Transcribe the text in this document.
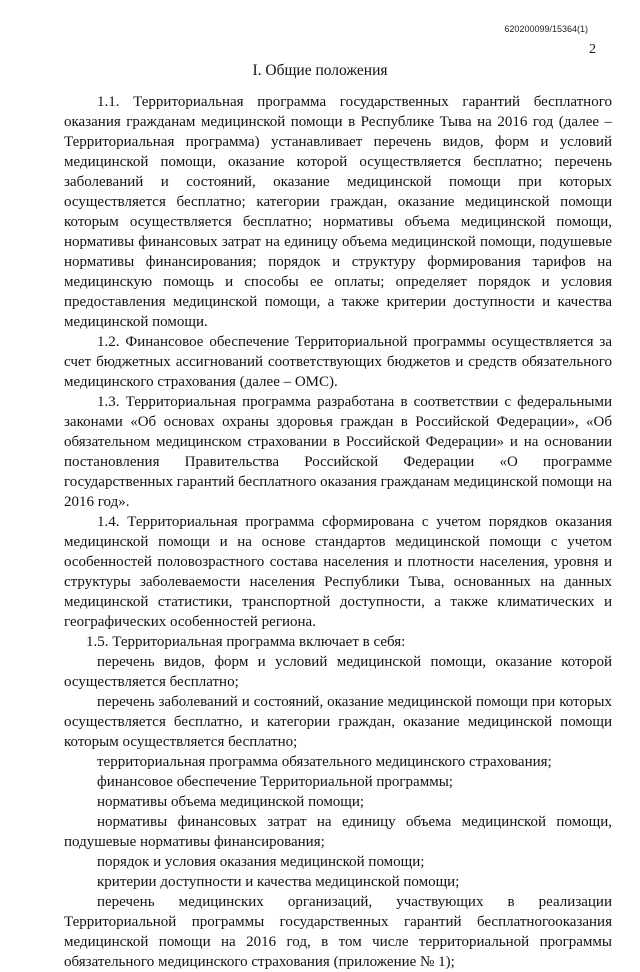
620200099/15364(1)
2
I. Общие положения

1.1. Территориальная программа государственных гарантий бесплатного оказания гражданам медицинской помощи в Республике Тыва на 2016 год (далее – Территориальная программа) устанавливает перечень видов, форм и условий медицинской помощи, оказание которой осуществляется бесплатно; перечень заболеваний и состояний, оказание медицинской помощи при которых осуществляется бесплатно; категории граждан, оказание медицинской помощи которым осуществляется бесплатно; нормативы объема медицинской помощи, нормативы финансовых затрат на единицу объема медицинской помощи, подушевые нормативы финансирования; порядок и структуру формирования тарифов на медицинскую помощь и способы ее оплаты; определяет порядок и условия предоставления медицинской помощи, а также критерии доступности и качества медицинской помощи.

1.2. Финансовое обеспечение Территориальной программы осуществляется за счет бюджетных ассигнований соответствующих бюджетов и средств обязательного медицинского страхования (далее – ОМС).

1.3. Территориальная программа разработана в соответствии с федеральными законами «Об основах охраны здоровья граждан в Российской Федерации», «Об обязательном медицинском страховании в Российской Федерации» и на основании постановления Правительства Российской Федерации «О программе государственных гарантий бесплатного оказания гражданам медицинской помощи на 2016 год».

1.4. Территориальная программа сформирована с учетом порядков оказания медицинской помощи и на основе стандартов медицинской помощи с учетом особенностей половозрастного состава населения и плотности населения, уровня и структуры заболеваемости населения Республики Тыва, основанных на данных медицинской статистики, транспортной доступности, а также климатических и географических особенностей региона.

1.5. Территориальная программа включает в себя:

перечень видов, форм и условий медицинской помощи, оказание которой осуществляется бесплатно;

перечень заболеваний и состояний, оказание медицинской помощи при которых осуществляется бесплатно, и категории граждан, оказание медицинской помощи которым осуществляется бесплатно;

территориальная программа обязательного медицинского страхования;

финансовое обеспечение Территориальной программы;

нормативы объема медицинской помощи;

нормативы финансовых затрат на единицу объема медицинской помощи, подушевые нормативы финансирования;

порядок и условия оказания медицинской помощи;

критерии доступности и качества медицинской помощи;

перечень медицинских организаций, участвующих в реализации Территориальной программы государственных гарантий бесплатногооказания медицинской помощи на 2016 год, в том числе территориальной программы обязательного медицинского страхования (приложение № 1);
